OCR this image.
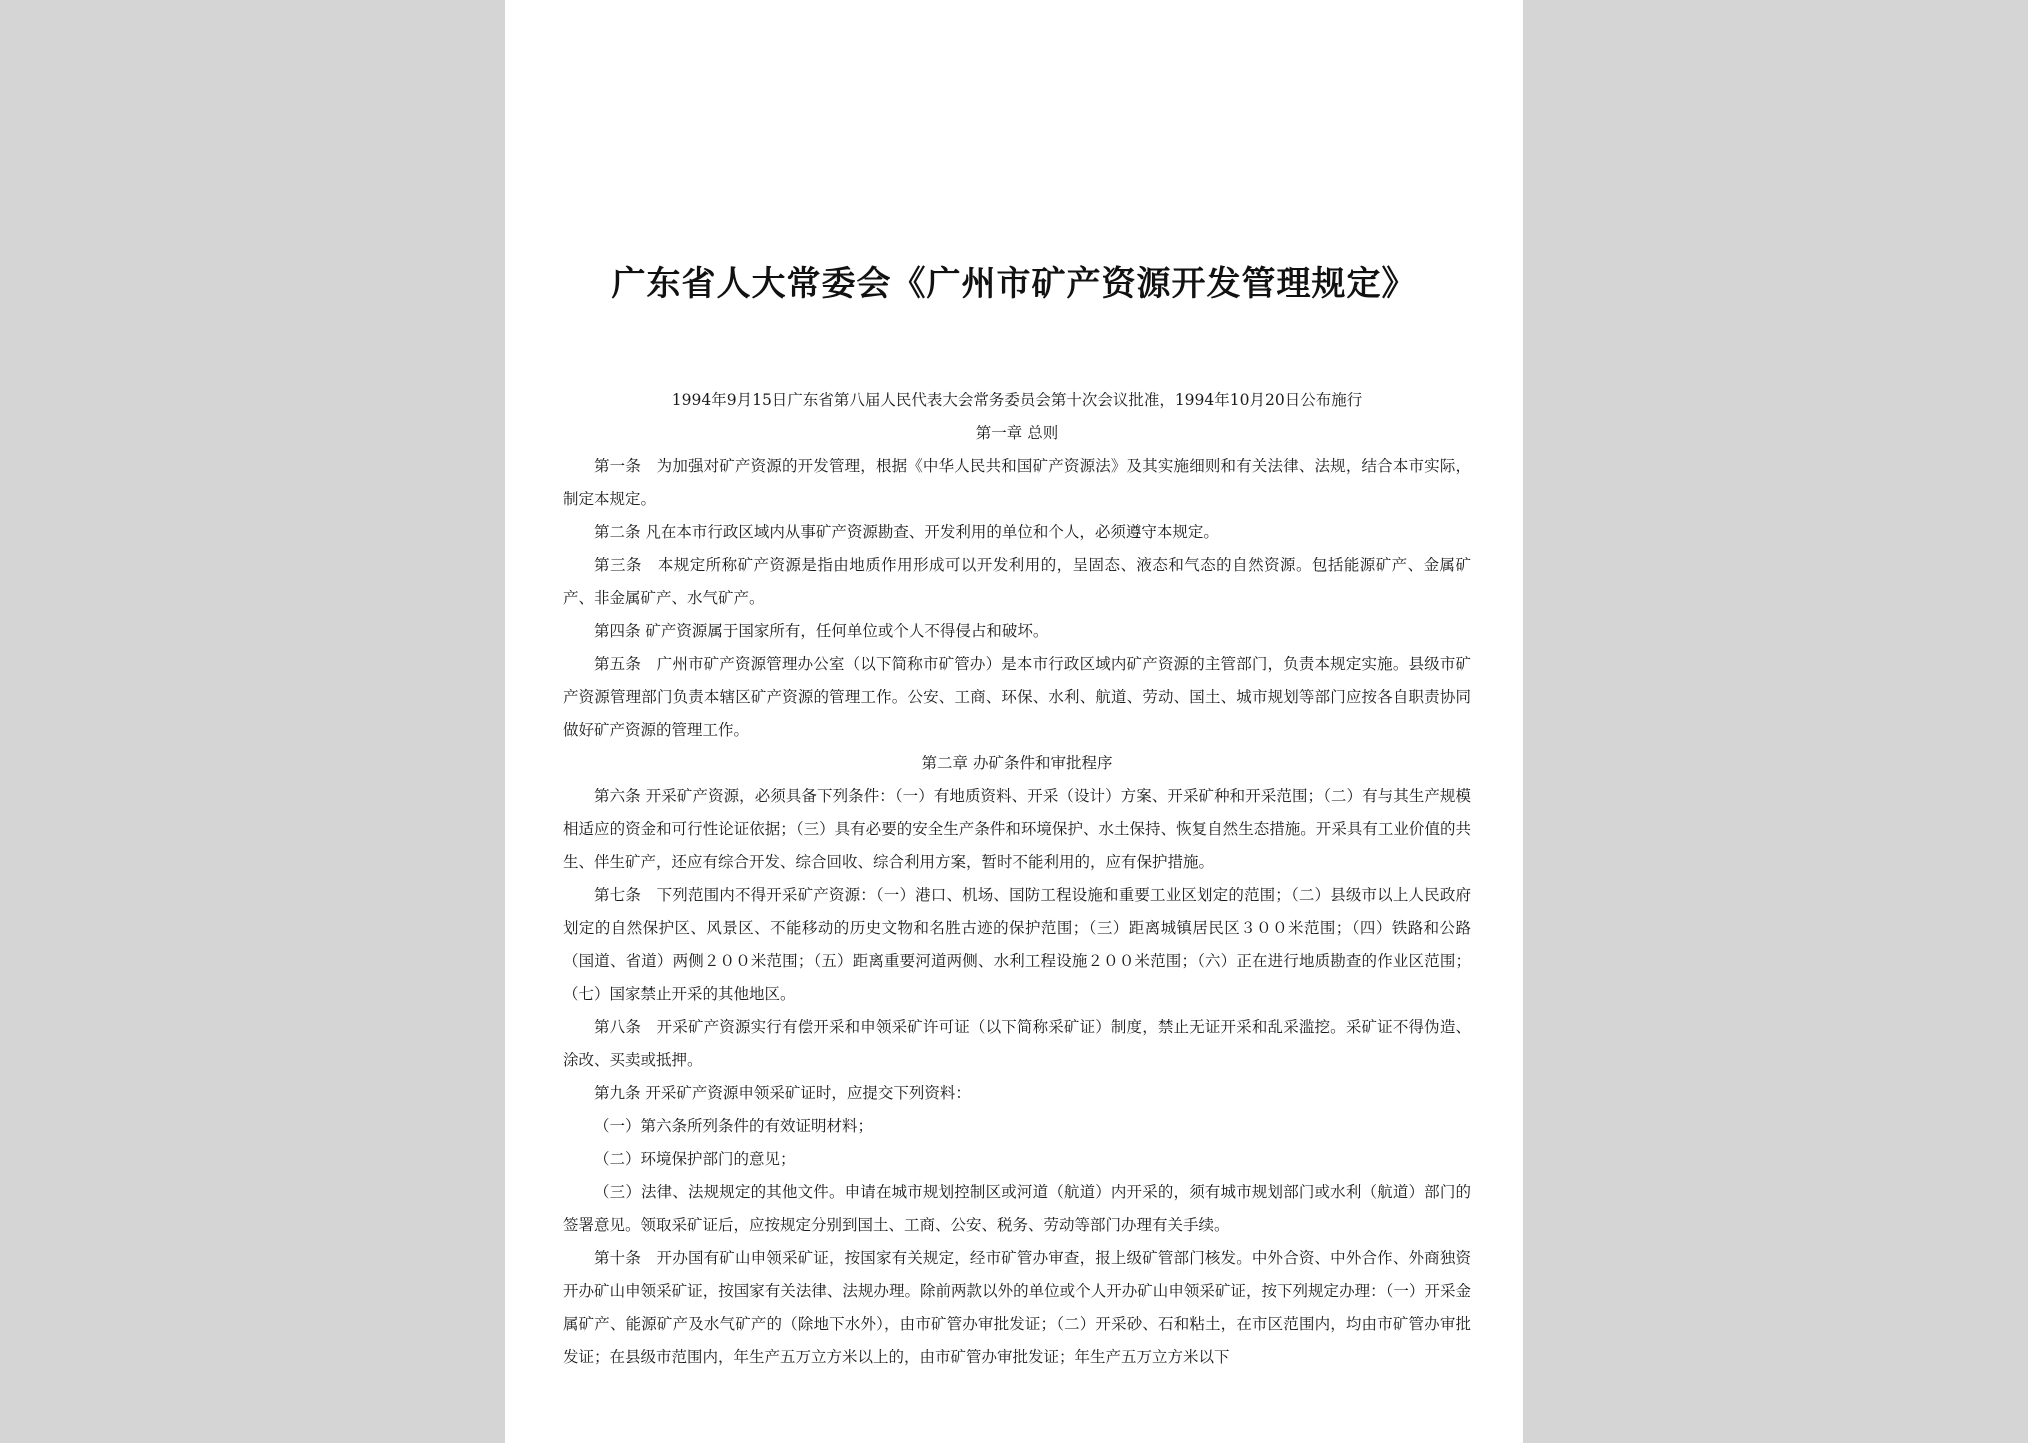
广东省人大常委会《广州市矿产资源开发管理规定》

1994年9月15日广东省第八届人民代表大会常务委员会第十次会议批准，1994年10月20日公布施行

第一章 总则

第一条　为加强对矿产资源的开发管理，根据《中华人民共和国矿产资源法》及其实施细则和有关法律、法规，结合本市实际，制定本规定。

第二条 凡在本市行政区域内从事矿产资源勘查、开发利用的单位和个人，必须遵守本规定。

第三条　本规定所称矿产资源是指由地质作用形成可以开发利用的，呈固态、液态和气态的自然资源。包括能源矿产、金属矿产、非金属矿产、水气矿产。

第四条 矿产资源属于国家所有，任何单位或个人不得侵占和破坏。

第五条　广州市矿产资源管理办公室（以下简称市矿管办）是本市行政区域内矿产资源的主管部门，负责本规定实施。县级市矿产资源管理部门负责本辖区矿产资源的管理工作。公安、工商、环保、水利、航道、劳动、国土、城市规划等部门应按各自职责协同做好矿产资源的管理工作。

第二章 办矿条件和审批程序

第六条 开采矿产资源，必须具备下列条件：（一）有地质资料、开采（设计）方案、开采矿种和开采范围；（二）有与其生产规模相适应的资金和可行性论证依据；（三）具有必要的安全生产条件和环境保护、水土保持、恢复自然生态措施。开采具有工业价值的共生、伴生矿产，还应有综合开发、综合回收、综合利用方案，暂时不能利用的，应有保护措施。

第七条　下列范围内不得开采矿产资源：（一）港口、机场、国防工程设施和重要工业区划定的范围；（二）县级市以上人民政府划定的自然保护区、风景区、不能移动的历史文物和名胜古迹的保护范围；（三）距离城镇居民区３００米范围；（四）铁路和公路（国道、省道）两侧２００米范围；（五）距离重要河道两侧、水利工程设施２００米范围；（六）正在进行地质勘查的作业区范围；（七）国家禁止开采的其他地区。

第八条　开采矿产资源实行有偿开采和申领采矿许可证（以下简称采矿证）制度，禁止无证开采和乱采滥挖。采矿证不得伪造、涂改、买卖或抵押。

第九条 开采矿产资源申领采矿证时，应提交下列资料：

（一）第六条所列条件的有效证明材料；

（二）环境保护部门的意见；

（三）法律、法规规定的其他文件。申请在城市规划控制区或河道（航道）内开采的，须有城市规划部门或水利（航道）部门的签署意见。领取采矿证后，应按规定分别到国土、工商、公安、税务、劳动等部门办理有关手续。

第十条　开办国有矿山申领采矿证，按国家有关规定，经市矿管办审查，报上级矿管部门核发。中外合资、中外合作、外商独资开办矿山申领采矿证，按国家有关法律、法规办理。除前两款以外的单位或个人开办矿山申领采矿证，按下列规定办理：（一）开采金属矿产、能源矿产及水气矿产的（除地下水外），由市矿管办审批发证；（二）开采砂、石和粘土，在市区范围内，均由市矿管办审批发证；在县级市范围内，年生产五万立方米以上的，由市矿管办审批发证；年生产五万立方米以下
